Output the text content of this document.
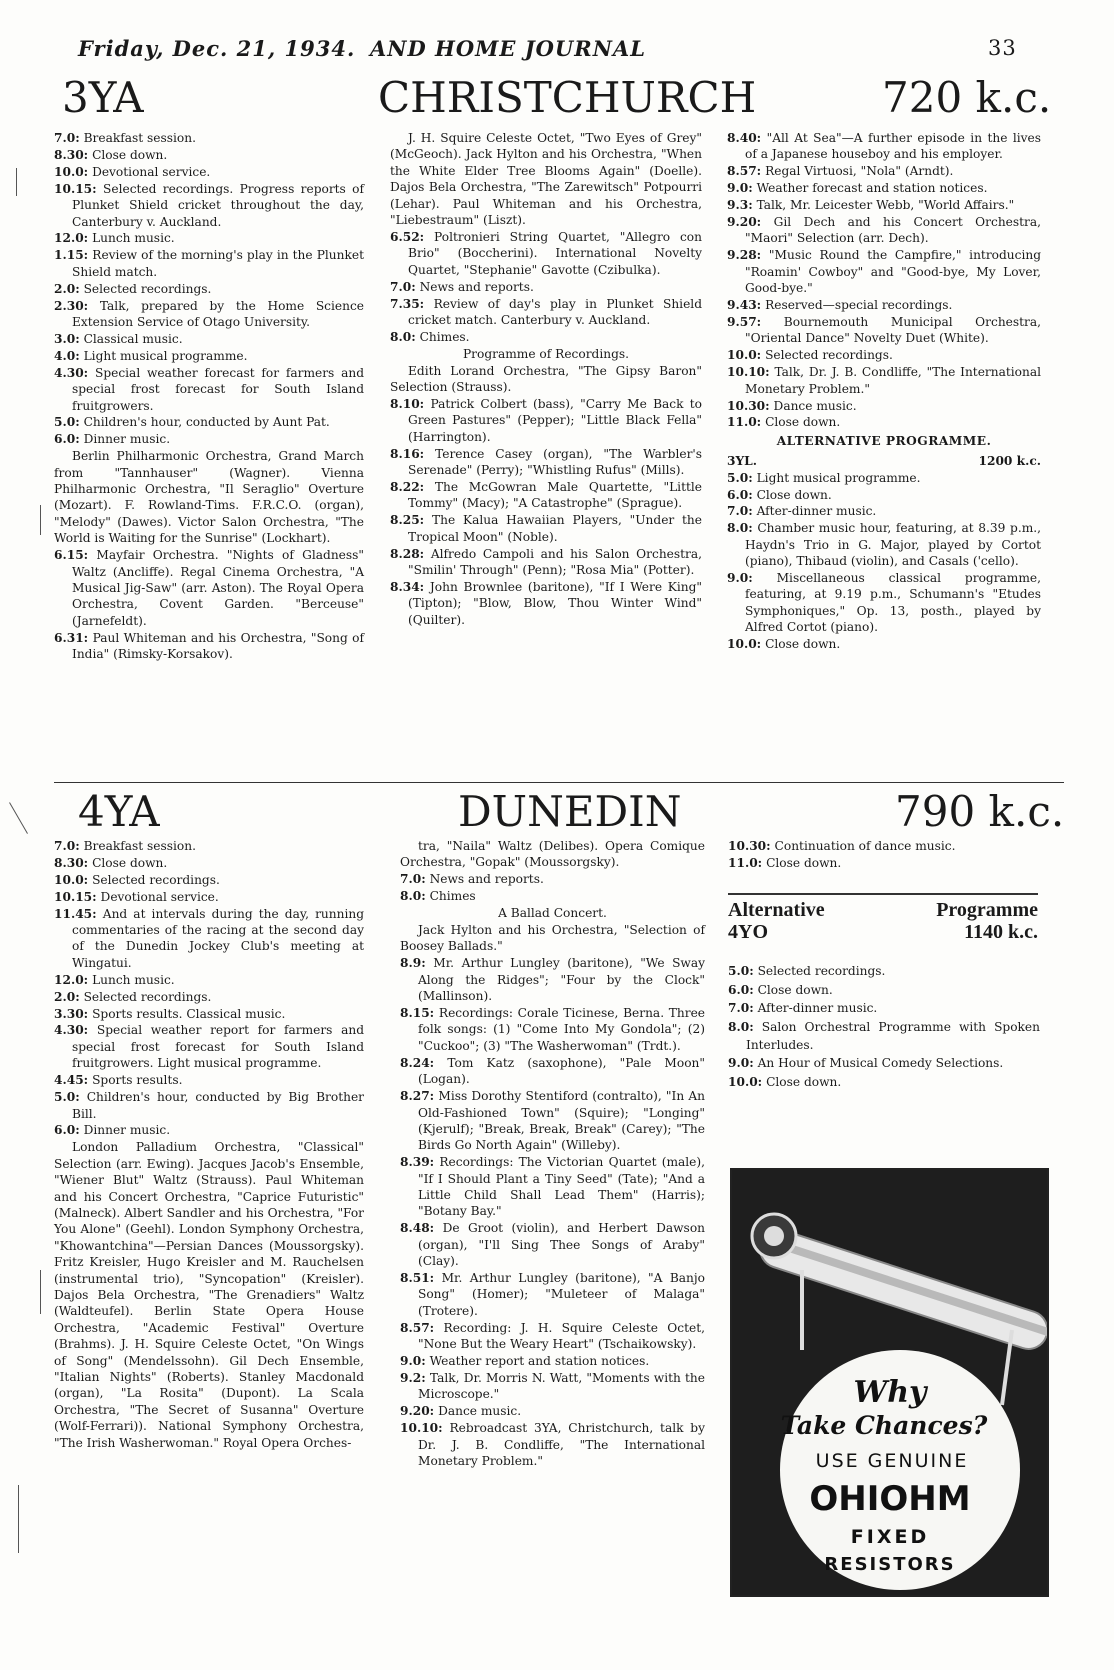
Friday, Dec. 21, 1934. AND HOME JOURNAL	33
3YA	CHRISTCHURCH	720 k.c.

7.0: Breakfast session.

8.30: Close down.

10.0: Devotional service.

10.15: Selected recordings. Progress reports of Plunket Shield cricket throughout the day, Canterbury v. Auckland.

12.0: Lunch music.

1.15: Review of the morning's play in the Plunket Shield match.

2.0: Selected recordings.

2.30: Talk, prepared by the Home Science Extension Service of Otago University.

3.0: Classical music.

4.0: Light musical programme.

4.30: Special weather forecast for farmers and special frost forecast for South Island fruitgrowers.

5.0: Children's hour, conducted by Aunt Pat.

6.0: Dinner music.

Berlin Philharmonic Orchestra, Grand March from "Tannhauser" (Wagner). Vienna Philharmonic Orchestra, "Il Seraglio" Overture (Mozart). F. Rowland-Tims. F.R.C.O. (organ), "Melody" (Dawes). Victor Salon Orchestra, "The World is Waiting for the Sunrise" (Lockhart).

6.15: Mayfair Orchestra. "Nights of Gladness" Waltz (Ancliffe). Regal Cinema Orchestra, "A Musical Jig-Saw" (arr. Aston). The Royal Opera Orchestra, Covent Garden. "Berceuse" (Jarnefeldt).

6.31: Paul Whiteman and his Orchestra, "Song of India" (Rimsky-Korsakov).

J. H. Squire Celeste Octet, "Two Eyes of Grey" (McGeoch). Jack Hylton and his Orchestra, "When the White Elder Tree Blooms Again" (Doelle). Dajos Bela Orchestra, "The Zarewitsch" Potpourri (Lehar). Paul Whiteman and his Orchestra, "Liebestraum" (Liszt).

6.52: Poltronieri String Quartet, "Allegro con Brio" (Boccherini). International Novelty Quartet, "Stephanie" Gavotte (Czibulka).

7.0: News and reports.

7.35: Review of day's play in Plunket Shield cricket match. Canterbury v. Auckland.

8.0: Chimes.

Programme of Recordings.

Edith Lorand Orchestra, "The Gipsy Baron" Selection (Strauss).

8.10: Patrick Colbert (bass), "Carry Me Back to Green Pastures" (Pepper); "Little Black Fella" (Harrington).

8.16: Terence Casey (organ), "The Warbler's Serenade" (Perry); "Whistling Rufus" (Mills).

8.22: The McGowran Male Quartette, "Little Tommy" (Macy); "A Catastrophe" (Sprague).

8.25: The Kalua Hawaiian Players, "Under the Tropical Moon" (Noble).

8.28: Alfredo Campoli and his Salon Orchestra, "Smilin' Through" (Penn); "Rosa Mia" (Potter).

8.34: John Brownlee (baritone), "If I Were King" (Tipton); "Blow, Blow, Thou Winter Wind" (Quilter).

8.40: "All At Sea"—A further episode in the lives of a Japanese houseboy and his employer.

8.57: Regal Virtuosi, "Nola" (Arndt).

9.0: Weather forecast and station notices.

9.3: Talk, Mr. Leicester Webb, "World Affairs."

9.20: Gil Dech and his Concert Orchestra, "Maori" Selection (arr. Dech).

9.28: "Music Round the Campfire," introducing "Roamin' Cowboy" and "Good-bye, My Lover, Good-bye."

9.43: Reserved—special recordings.

9.57: Bournemouth Municipal Orchestra, "Oriental Dance" Novelty Duet (White).

10.0: Selected recordings.

10.10: Talk, Dr. J. B. Condliffe, "The International Monetary Problem."

10.30: Dance music.

11.0: Close down.

ALTERNATIVE PROGRAMME.
3YL.	1200 k.c.

5.0: Light musical programme.

6.0: Close down.

7.0: After-dinner music.

8.0: Chamber music hour, featuring, at 8.39 p.m., Haydn's Trio in G. Major, played by Cortot (piano), Thibaud (violin), and Casals ('cello).

9.0: Miscellaneous classical programme, featuring, at 9.19 p.m., Schumann's "Etudes Symphoniques," Op. 13, posth., played by Alfred Cortot (piano).

10.0: Close down.

4YA	DUNEDIN	790 k.c.

7.0: Breakfast session.

8.30: Close down.

10.0: Selected recordings.

10.15: Devotional service.

11.45: And at intervals during the day, running commentaries of the racing at the second day of the Dunedin Jockey Club's meeting at Wingatui.

12.0: Lunch music.

2.0: Selected recordings.

3.30: Sports results. Classical music.

4.30: Special weather report for farmers and special frost forecast for South Island fruitgrowers. Light musical programme.

4.45: Sports results.

5.0: Children's hour, conducted by Big Brother Bill.

6.0: Dinner music.

London Palladium Orchestra, "Classical" Selection (arr. Ewing). Jacques Jacob's Ensemble, "Wiener Blut" Waltz (Strauss). Paul Whiteman and his Concert Orchestra, "Caprice Futuristic" (Malneck). Albert Sandler and his Orchestra, "For You Alone" (Geehl). London Symphony Orchestra, "Khowantchina"—Persian Dances (Moussorgsky). Fritz Kreisler, Hugo Kreisler and M. Rauchelsen (instrumental trio), "Syncopation" (Kreisler). Dajos Bela Orchestra, "The Grenadiers" Waltz (Waldteufel). Berlin State Opera House Orchestra, "Academic Festival" Overture (Brahms). J. H. Squire Celeste Octet, "On Wings of Song" (Mendelssohn). Gil Dech Ensemble, "Italian Nights" (Roberts). Stanley Macdonald (organ), "La Rosita" (Dupont). La Scala Orchestra, "The Secret of Susanna" Overture (Wolf-Ferrari)). National Symphony Orchestra, "The Irish Washerwoman." Royal Opera Orches-

tra, "Naila" Waltz (Delibes). Opera Comique Orchestra, "Gopak" (Moussorgsky).

7.0: News and reports.

8.0: Chimes

A Ballad Concert.

Jack Hylton and his Orchestra, "Selection of Boosey Ballads."

8.9: Mr. Arthur Lungley (baritone), "We Sway Along the Ridges"; "Four by the Clock" (Mallinson).

8.15: Recordings: Corale Ticinese, Berna. Three folk songs: (1) "Come Into My Gondola"; (2) "Cuckoo"; (3) "The Washerwoman" (Trdt.).

8.24: Tom Katz (saxophone), "Pale Moon" (Logan).

8.27: Miss Dorothy Stentiford (contralto), "In An Old-Fashioned Town" (Squire); "Longing" (Kjerulf); "Break, Break, Break" (Carey); "The Birds Go North Again" (Willeby).

8.39: Recordings: The Victorian Quartet (male), "If I Should Plant a Tiny Seed" (Tate); "And a Little Child Shall Lead Them" (Harris); "Botany Bay."

8.48: De Groot (violin), and Herbert Dawson (organ), "I'll Sing Thee Songs of Araby" (Clay).

8.51: Mr. Arthur Lungley (baritone), "A Banjo Song" (Homer); "Muleteer of Malaga" (Trotere).

8.57: Recording: J. H. Squire Celeste Octet, "None But the Weary Heart" (Tschaikowsky).

9.0: Weather report and station notices.

9.2: Talk, Dr. Morris N. Watt, "Moments with the Microscope."

9.20: Dance music.

10.10: Rebroadcast 3YA, Christchurch, talk by Dr. J. B. Condliffe, "The International Monetary Problem."

10.30: Continuation of dance music.

11.0: Close down.

Alternative	Programme
4YO	1140 k.c.

5.0: Selected recordings.

6.0: Close down.

7.0: After-dinner music.

8.0: Salon Orchestral Programme with Spoken Interludes.

9.0: An Hour of Musical Comedy Selections.

10.0: Close down.

Why
Take Chances?
USE GENUINE
OHIOHM
FIXED
RESISTORS
